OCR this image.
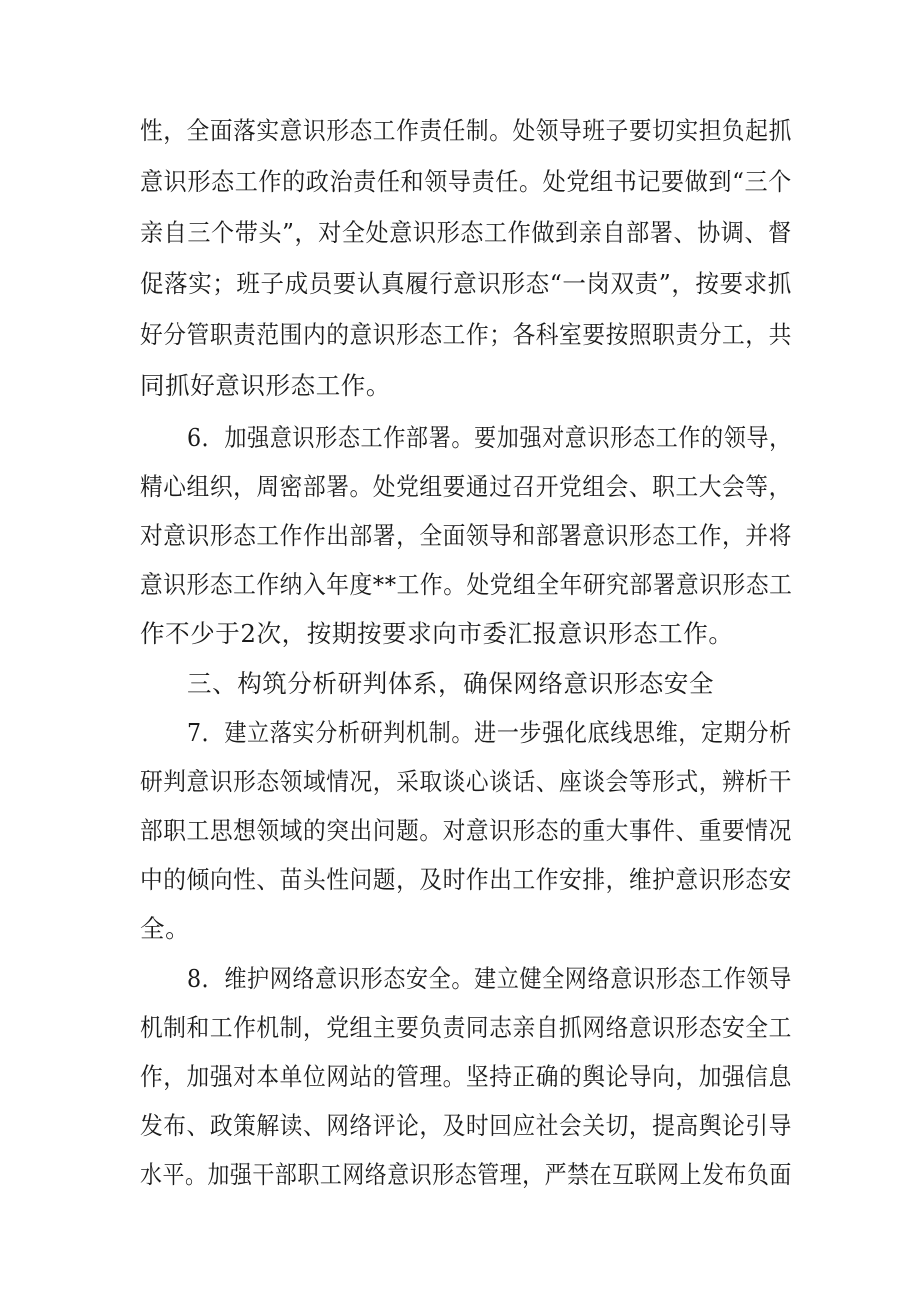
性，全面落实意识形态工作责任制。处领导班子要切实担负起抓
意识形态工作的政治责任和领导责任。处党组书记要做到“三个
亲自三个带头”，对全处意识形态工作做到亲自部署、协调、督
促落实；班子成员要认真履行意识形态“一岗双责”，按要求抓
好分管职责范围内的意识形态工作；各科室要按照职责分工，共
同抓好意识形态工作。
6．加强意识形态工作部署。要加强对意识形态工作的领导，
精心组织，周密部署。处党组要通过召开党组会、职工大会等，
对意识形态工作作出部署，全面领导和部署意识形态工作，并将
意识形态工作纳入年度**工作。处党组全年研究部署意识形态工
作不少于2次，按期按要求向市委汇报意识形态工作。
三、构筑分析研判体系，确保网络意识形态安全
7．建立落实分析研判机制。进一步强化底线思维，定期分析
研判意识形态领域情况，采取谈心谈话、座谈会等形式，辨析干
部职工思想领域的突出问题。对意识形态的重大事件、重要情况
中的倾向性、苗头性问题，及时作出工作安排，维护意识形态安
全。
8．维护网络意识形态安全。建立健全网络意识形态工作领导
机制和工作机制，党组主要负责同志亲自抓网络意识形态安全工
作，加强对本单位网站的管理。坚持正确的舆论导向，加强信息
发布、政策解读、网络评论，及时回应社会关切，提高舆论引导
水平。加强干部职工网络意识形态管理，严禁在互联网上发布负面
